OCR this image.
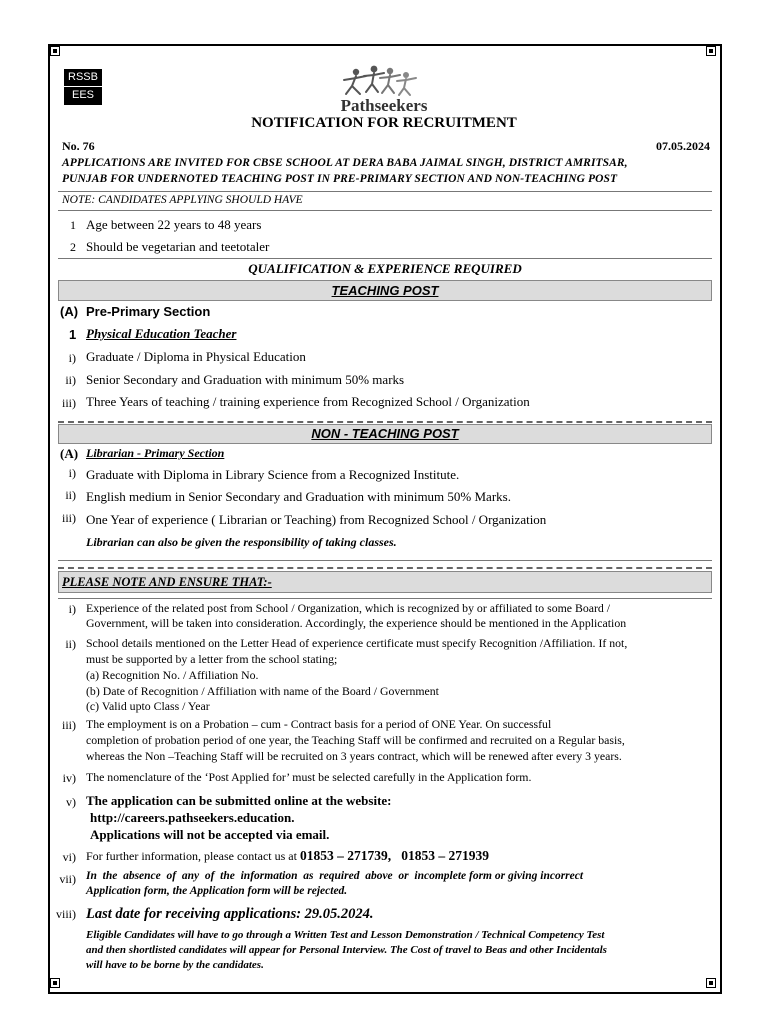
RSSB
EES
Pathseekers
NOTIFICATION FOR RECRUITMENT
No. 76	07.05.2024
APPLICATIONS ARE INVITED FOR CBSE SCHOOL AT DERA BABA JAIMAL SINGH, DISTRICT AMRITSAR,
PUNJAB FOR UNDERNOTED TEACHING POST IN PRE-PRIMARY SECTION AND NON-TEACHING POST
NOTE: CANDIDATES APPLYING SHOULD HAVE
1 Age between 22 years to 48 years
2 Should be vegetarian and teetotaler
QUALIFICATION & EXPERIENCE REQUIRED
TEACHING POST
(A) Pre-Primary Section
1 Physical Education Teacher
i) Graduate / Diploma in Physical Education
ii) Senior Secondary and Graduation with minimum 50% marks
iii) Three Years of teaching / training experience from Recognized School / Organization
NON - TEACHING POST
(A) Librarian - Primary Section
i) Graduate with Diploma in Library Science from a Recognized Institute.
ii) English medium in Senior Secondary and Graduation with minimum 50% Marks.
iii) One Year of experience ( Librarian or Teaching) from Recognized School / Organization
Librarian can also be given the responsibility of taking classes.
PLEASE NOTE AND ENSURE THAT:-
i) Experience of the related post from School / Organization, which is recognized by or affiliated to some Board /
Government, will be taken into consideration. Accordingly, the experience should be mentioned in the Application
ii) School details mentioned on the Letter Head of experience certificate must specify Recognition /Affiliation. If not,
must be supported by a letter from the school stating;
(a) Recognition No. / Affiliation No.
(b) Date of Recognition / Affiliation with name of the Board / Government
(c) Valid upto Class / Year
iii) The employment is on a Probation – cum - Contract basis for a period of ONE Year. On successful
completion of probation period of one year, the Teaching Staff will be confirmed and recruited on a Regular basis,
whereas the Non –Teaching Staff will be recruited on 3 years contract, which will be renewed after every 3 years.
iv) The nomenclature of the ‘Post Applied for’ must be selected carefully in the Application form.
v) The application can be submitted online at the website:
http://careers.pathseekers.education.
Applications will not be accepted via email.
vi) For further information, please contact us at 01853 – 271739,   01853 – 271939
vii) In  the  absence  of  any  of  the  information  as  required  above  or  incomplete form or giving incorrect
Application form, the Application form will be rejected.
viii) Last date for receiving applications: 29.05.2024.
Eligible Candidates will have to go through a Written Test and Lesson Demonstration / Technical Competency Test
and then shortlisted candidates will appear for Personal Interview. The Cost of travel to Beas and other Incidentals
will have to be borne by the candidates.
